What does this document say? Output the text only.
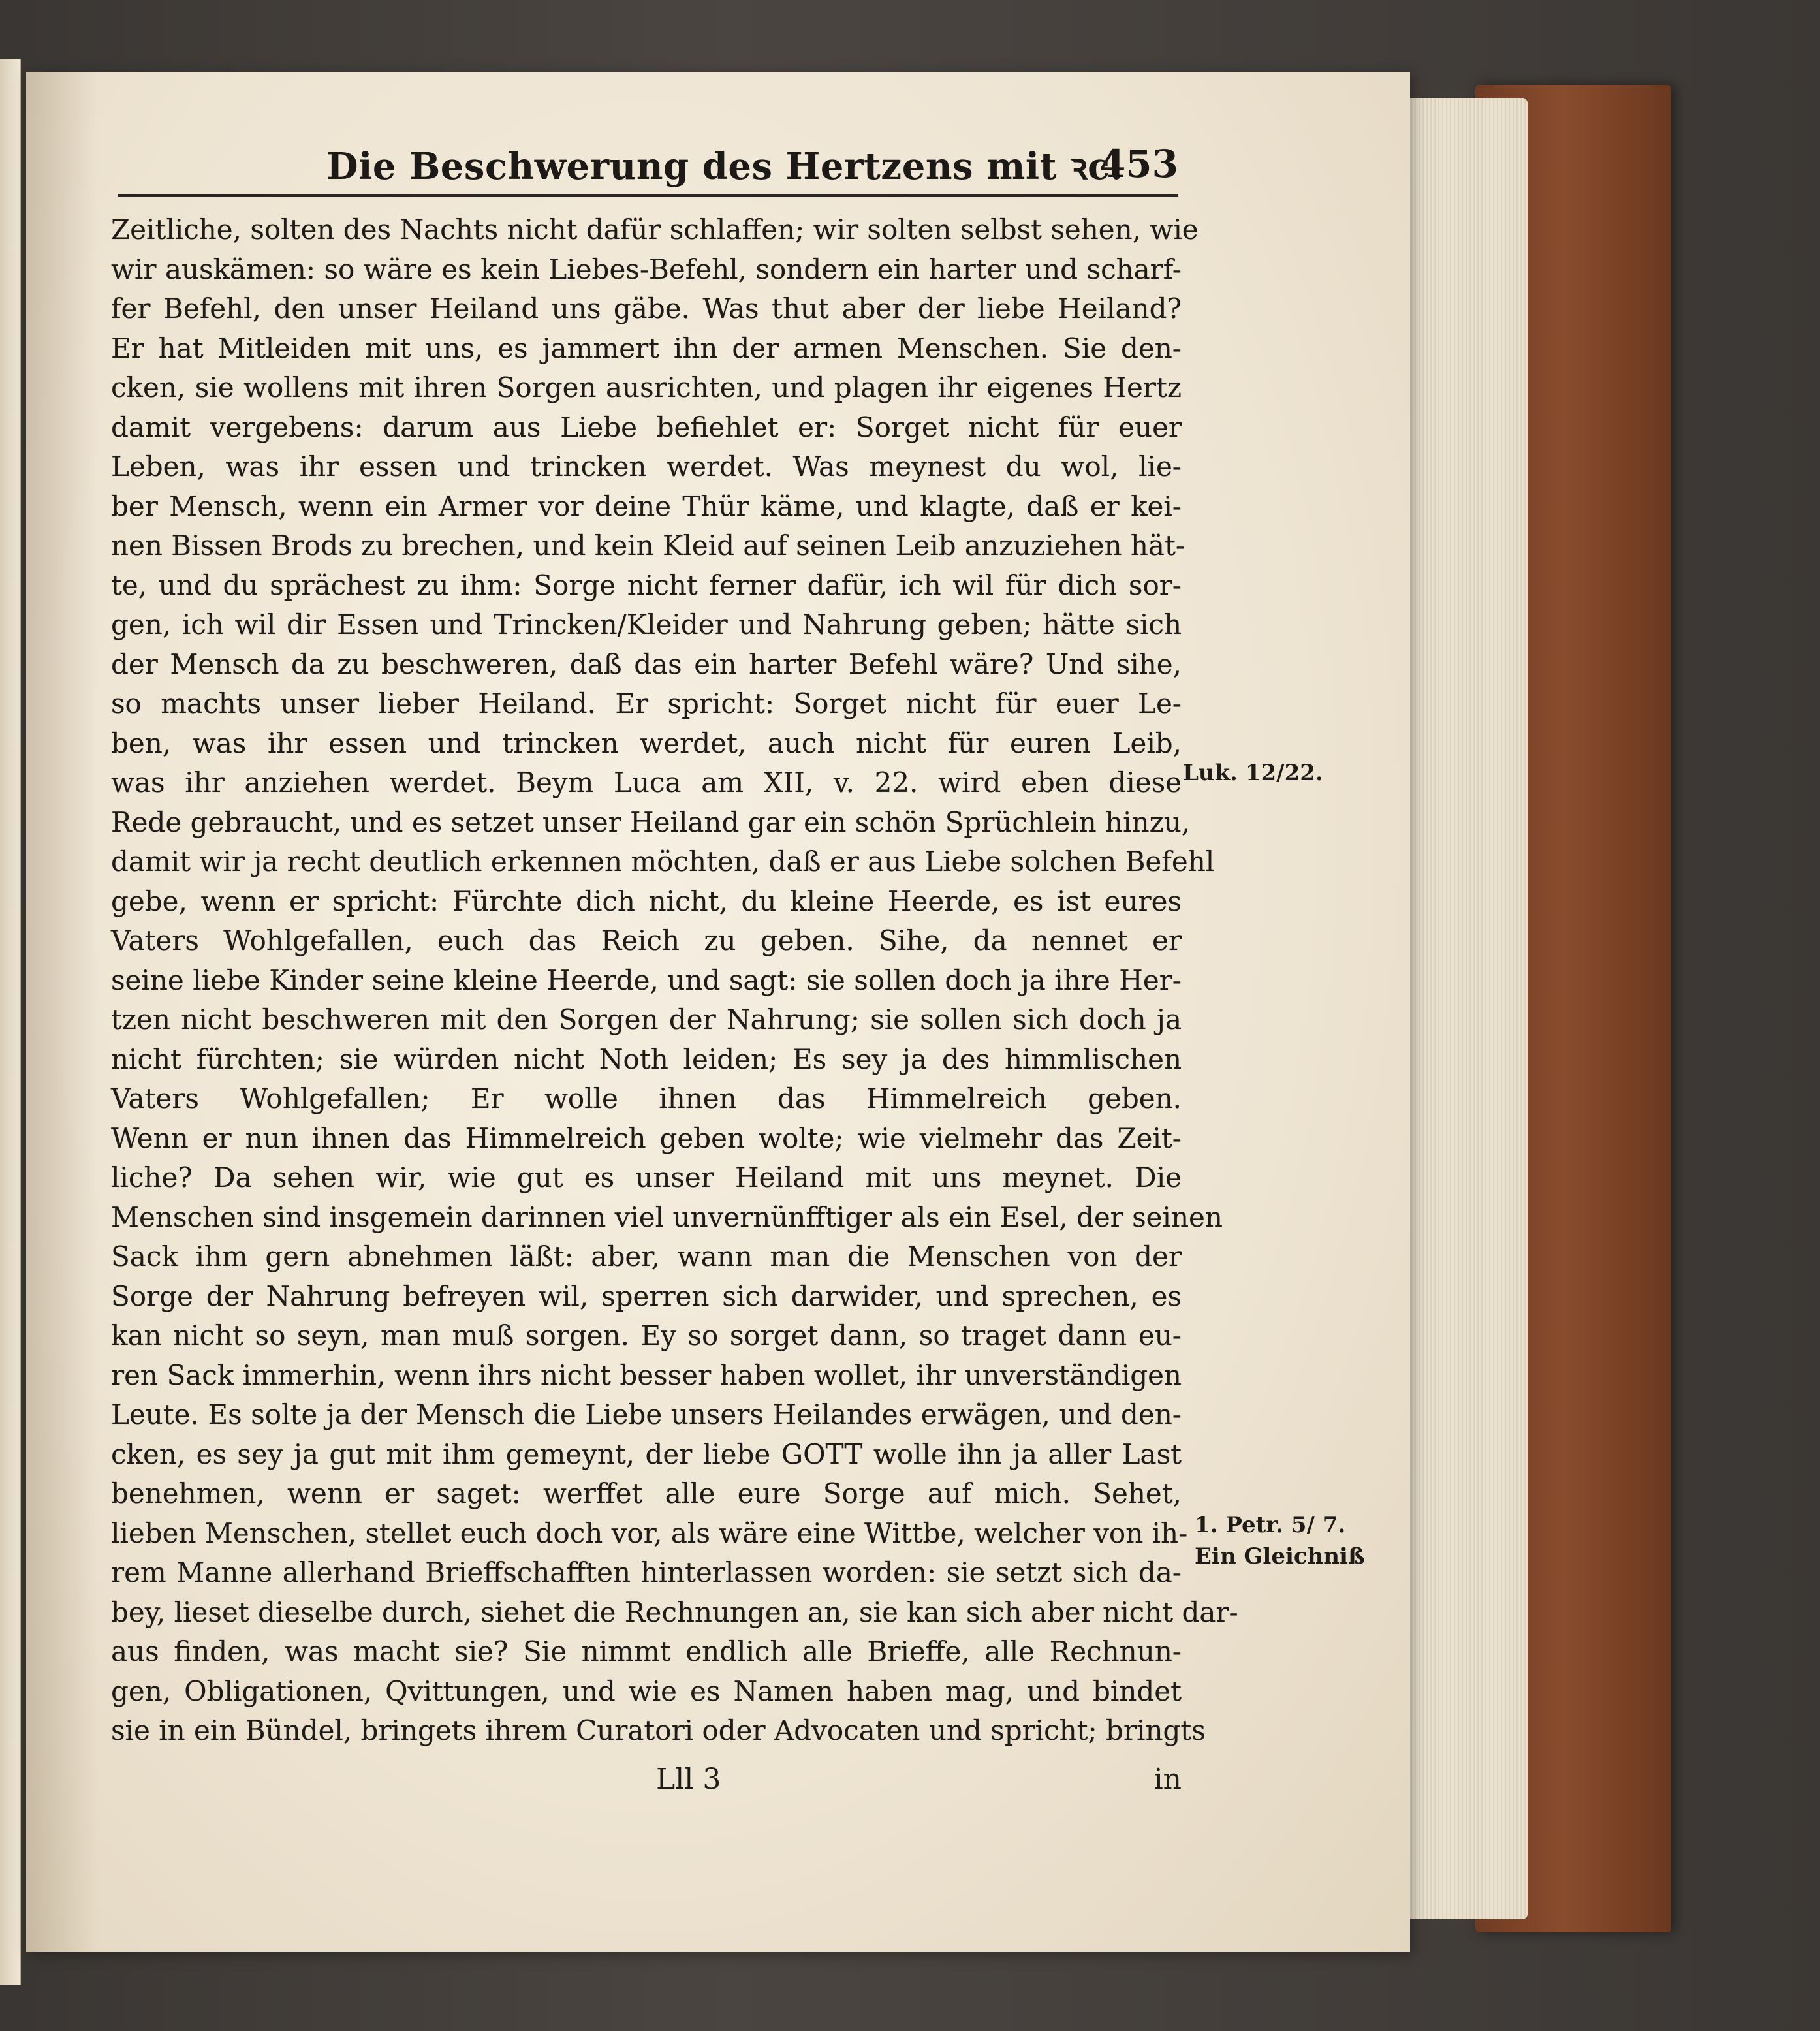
Die Beschwerung des Hertzens mit ꝛc.
453
Zeitliche, solten des Nachts nicht dafür schlaffen; wir solten selbst sehen, wie
wir auskämen: so wäre es kein Liebes-Befehl, sondern ein harter und scharf-
fer Befehl, den unser Heiland uns gäbe. Was thut aber der liebe Heiland?
Er hat Mitleiden mit uns, es jammert ihn der armen Menschen. Sie den-
cken, sie wollens mit ihren Sorgen ausrichten, und plagen ihr eigenes Hertz
damit vergebens: darum aus Liebe befiehlet er: Sorget nicht für euer
Leben, was ihr essen und trincken werdet. Was meynest du wol, lie-
ber Mensch, wenn ein Armer vor deine Thür käme, und klagte, daß er kei-
nen Bissen Brods zu brechen, und kein Kleid auf seinen Leib anzuziehen hät-
te, und du sprächest zu ihm: Sorge nicht ferner dafür, ich wil für dich sor-
gen, ich wil dir Essen und Trincken/Kleider und Nahrung geben; hätte sich
der Mensch da zu beschweren, daß das ein harter Befehl wäre? Und sihe,
so machts unser lieber Heiland. Er spricht: Sorget nicht für euer Le-
ben, was ihr essen und trincken werdet, auch nicht für euren Leib,
was ihr anziehen werdet. Beym Luca am XII, v. 22. wird eben diese
Rede gebraucht, und es setzet unser Heiland gar ein schön Sprüchlein hinzu,
damit wir ja recht deutlich erkennen möchten, daß er aus Liebe solchen Befehl
gebe, wenn er spricht: Fürchte dich nicht, du kleine Heerde, es ist eures
Vaters Wohlgefallen, euch das Reich zu geben. Sihe, da nennet er
seine liebe Kinder seine kleine Heerde, und sagt: sie sollen doch ja ihre Her-
tzen nicht beschweren mit den Sorgen der Nahrung; sie sollen sich doch ja
nicht fürchten; sie würden nicht Noth leiden; Es sey ja des himmlischen
Vaters Wohlgefallen; Er wolle ihnen das Himmelreich geben.
Wenn er nun ihnen das Himmelreich geben wolte; wie vielmehr das Zeit-
liche? Da sehen wir, wie gut es unser Heiland mit uns meynet. Die
Menschen sind insgemein darinnen viel unvernünfftiger als ein Esel, der seinen
Sack ihm gern abnehmen läßt: aber, wann man die Menschen von der
Sorge der Nahrung befreyen wil, sperren sich darwider, und sprechen, es
kan nicht so seyn, man muß sorgen. Ey so sorget dann, so traget dann eu-
ren Sack immerhin, wenn ihrs nicht besser haben wollet, ihr unverständigen
Leute. Es solte ja der Mensch die Liebe unsers Heilandes erwägen, und den-
cken, es sey ja gut mit ihm gemeynt, der liebe GOTT wolle ihn ja aller Last
benehmen, wenn er saget: werffet alle eure Sorge auf mich. Sehet,
lieben Menschen, stellet euch doch vor, als wäre eine Wittbe, welcher von ih-
rem Manne allerhand Brieffschafften hinterlassen worden: sie setzt sich da-
bey, lieset dieselbe durch, siehet die Rechnungen an, sie kan sich aber nicht dar-
aus finden, was macht sie? Sie nimmt endlich alle Brieffe, alle Rechnun-
gen, Obligationen, Qvittungen, und wie es Namen haben mag, und bindet
sie in ein Bündel, bringets ihrem Curatori oder Advocaten und spricht; bringts
Lll 3	in
Luk. 12/22.
1. Petr. 5/ 7.
Ein Gleichniß
